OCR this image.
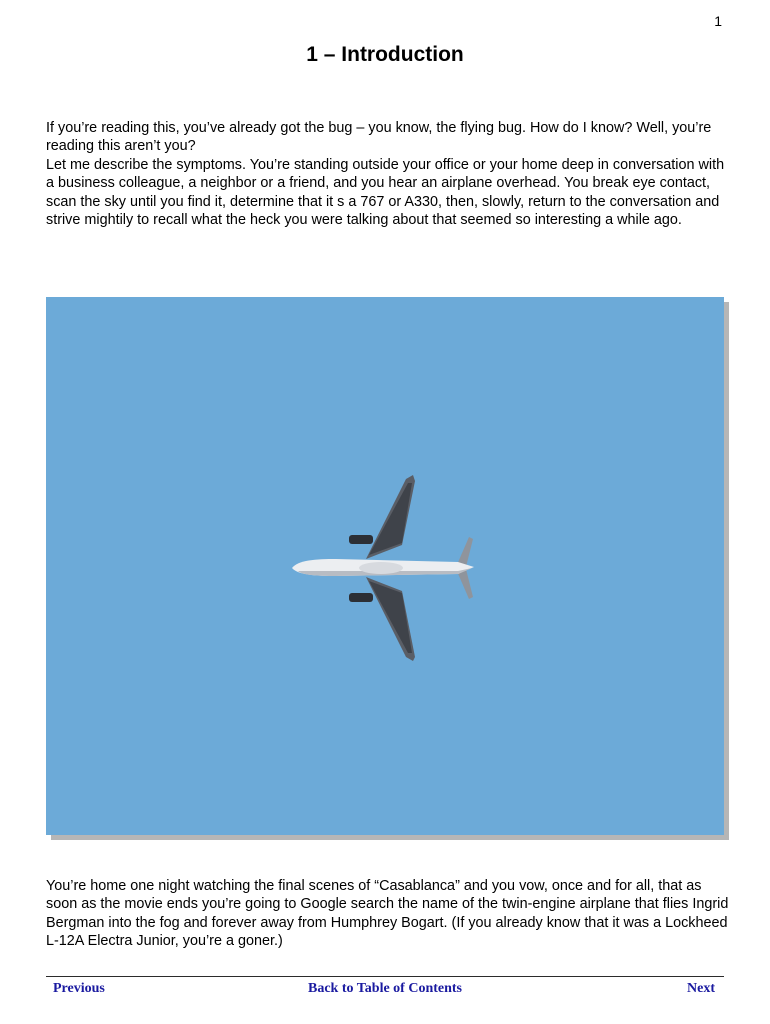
1
1 – Introduction

If you’re reading this, you’ve already got the bug – you know, the flying bug. How do I know? Well, you’re reading this aren’t you?

Let me describe the symptoms. You’re standing outside your office or your home deep in conversation with a business colleague, a neighbor or a friend, and you hear an airplane overhead. You break eye contact, scan the sky until you find it, determine that it s a 767 or A330, then, slowly, return to the conversation and strive mightily to recall what the heck you were talking about that seemed so interesting a while ago.

You’re home one night watching the final scenes of “Casablanca” and you vow, once and for all, that as soon as the movie ends you’re going to Google search the name of the twin-engine airplane that flies Ingrid Bergman into the fog and forever away from Humphrey Bogart. (If you already know that it was a Lockheed L-12A Electra Junior, you’re a goner.)

Back to Table of Contents
Previous	Next
